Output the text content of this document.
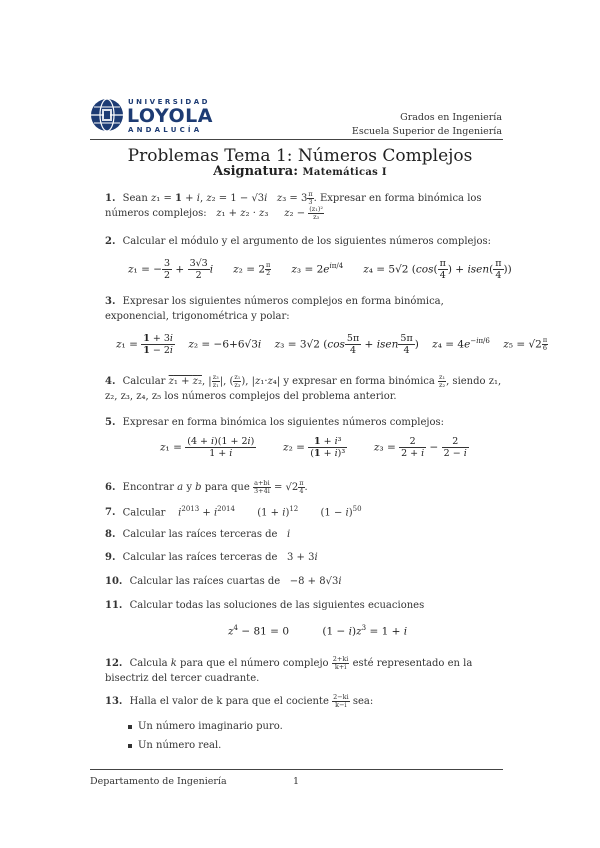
UNIVERSIDAD
LOYOLA
ANDALUCÍA
Grados en Ingeniería
Escuela Superior de Ingeniería
Problemas Tema 1: Números Complejos
Asignatura: Matemáticas I
1. Sean z₁ = 1 + i, z₂ = 1 − √3i $z_3 = 3 \frac{\pi}{3}$ . Expresar en forma binómica los números complejos: z₁ + z₂ · z₃     $z_2 - \frac{\text{(z₁)²}}{\text{z₃}}$
2. Calcular el módulo y el argumento de los siguientes números complejos:
z₁ = − $\frac{3}{2} + \frac{3√3}{2}$ i $z_2 = 2 \frac{\pi}{2} z_3 = 2e^{i\pi/4}$ z₄ = 5√2 ($\cos( \frac{\pi}{4}$ ) + isen( $\frac{\pi}{4}$ ))
3. Expresar los siguientes números complejos en forma binómica, exponencial, trigonométrica y polar:
$z_1 = \frac{1 + 3i}{1 - 2i} z_2 = -6+6√3i$ z₃ = 3√2 ($\cos \frac{5\pi}{4}$ + isen $\frac{5\pi}{4}$ )    $z_4 = 4e^{-i\pi/6}$ $z_5 = √2 \frac{\pi}{6}$
4. Calcular z₁ + z₂, | $\frac{\text{z₃}}{\text{z₁}}$ |, ( $\frac{\text{z₁}}{\text{z₃}}$ ), |z₁·z₄| y expresar en forma binómica $\frac{\text{z₁}}{\text{z₂}}$ , siendo z₁, z₂, z₃, z₄, z₅ los números complejos del problema anterior.
5. Expresar en forma binómica los siguientes números complejos:
$z_1 = \frac{(4 + i)(1 + 2i)}{1 + i}$	$z_2 = \frac{\text{1 + i³}}{\text{(1 + i)³}}$	$z_3 = \frac{2}{2 + i} - \frac{2}{2 - i}$
6. Encontrar a y b para que $\frac{a+bi}{3+4i} = √2 \frac{\pi}{4}$ .
7. Calcular $i^{2013} + i^{2014}$       $(1 + i)^{12}$       $(1 - i)^{50}$
8. Calcular las raíces terceras de i
9. Calcular las raíces terceras de   3 + 3i
10. Calcular las raíces cuartas de   −8 + 8√3i
11. Calcular todas las soluciones de las siguientes ecuaciones
$z^4 - 81 = 0$          $(1 - i)z^3 = 1 + i$
12. Calcula k para que el número complejo $\frac{2+ki}{k+i}$ esté representado en la bisectriz del tercer cuadrante.
13. Halla el valor de k para que el cociente $\frac{2-ki}{k-i}$ sea:
Un número imaginario puro.
Un número real.
Departamento de Ingeniería	1
